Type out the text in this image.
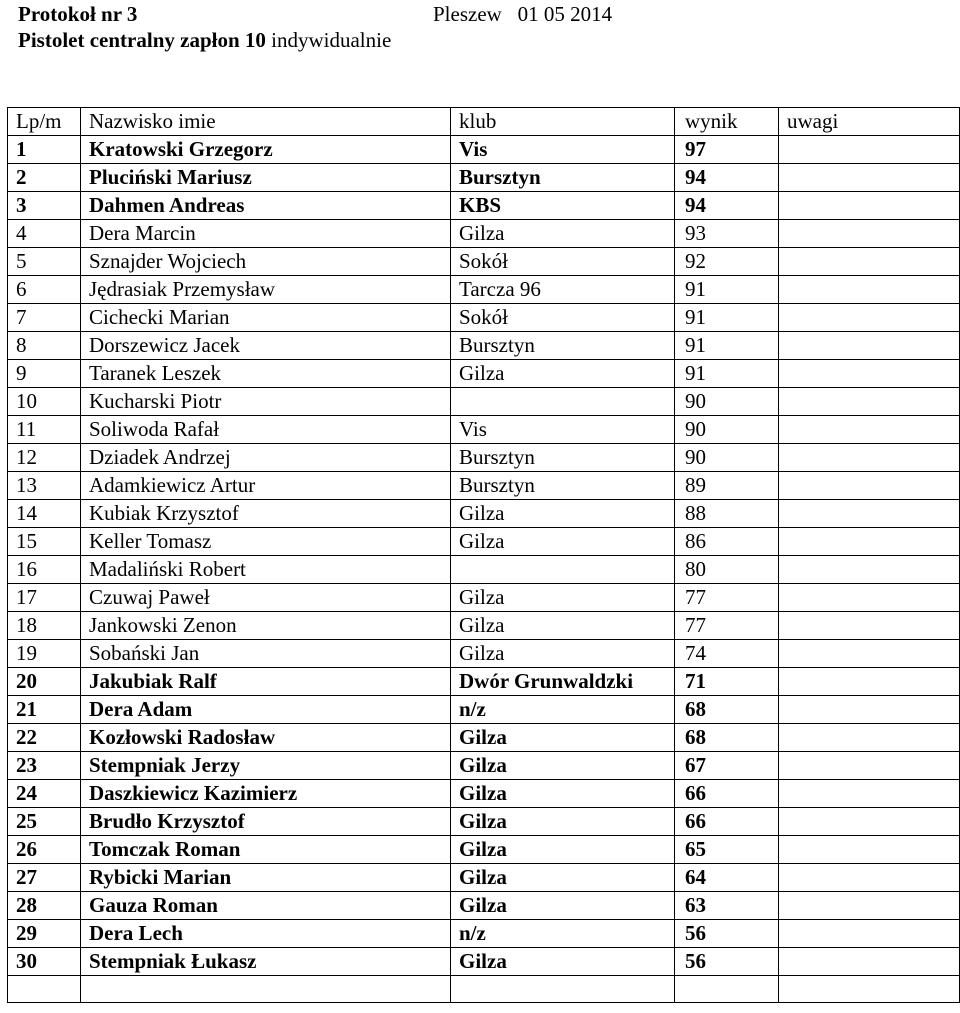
Protokoł nr 3	Pleszew   01 05 2014
Pistolet centralny zapłon 10 indywidualnie
Lp/m	Nazwisko imie	klub	wynik	uwagi
1	Kratowski Grzegorz	Vis	97	
2	Pluciński Mariusz	Bursztyn	94	
3	Dahmen Andreas	KBS	94	
4	Dera Marcin	Gilza	93	
5	Sznajder Wojciech	Sokół	92	
6	Jędrasiak Przemysław	Tarcza 96	91	
7	Cichecki Marian	Sokół	91	
8	Dorszewicz Jacek	Bursztyn	91	
9	Taranek Leszek	Gilza	91	
10	Kucharski Piotr		90	
11	Soliwoda Rafał	Vis	90	
12	Dziadek Andrzej	Bursztyn	90	
13	Adamkiewicz Artur	Bursztyn	89	
14	Kubiak Krzysztof	Gilza	88	
15	Keller Tomasz	Gilza	86	
16	Madaliński Robert		80	
17	Czuwaj Paweł	Gilza	77	
18	Jankowski Zenon	Gilza	77	
19	Sobański Jan	Gilza	74	
20	Jakubiak Ralf	Dwór Grunwaldzki	71	
21	Dera Adam	n/z	68	
22	Kozłowski Radosław	Gilza	68	
23	Stempniak Jerzy	Gilza	67	
24	Daszkiewicz Kazimierz	Gilza	66	
25	Brudło Krzysztof	Gilza	66	
26	Tomczak Roman	Gilza	65	
27	Rybicki Marian	Gilza	64	
28	Gauza Roman	Gilza	63	
29	Dera Lech	n/z	56	
30	Stempniak Łukasz	Gilza	56	
